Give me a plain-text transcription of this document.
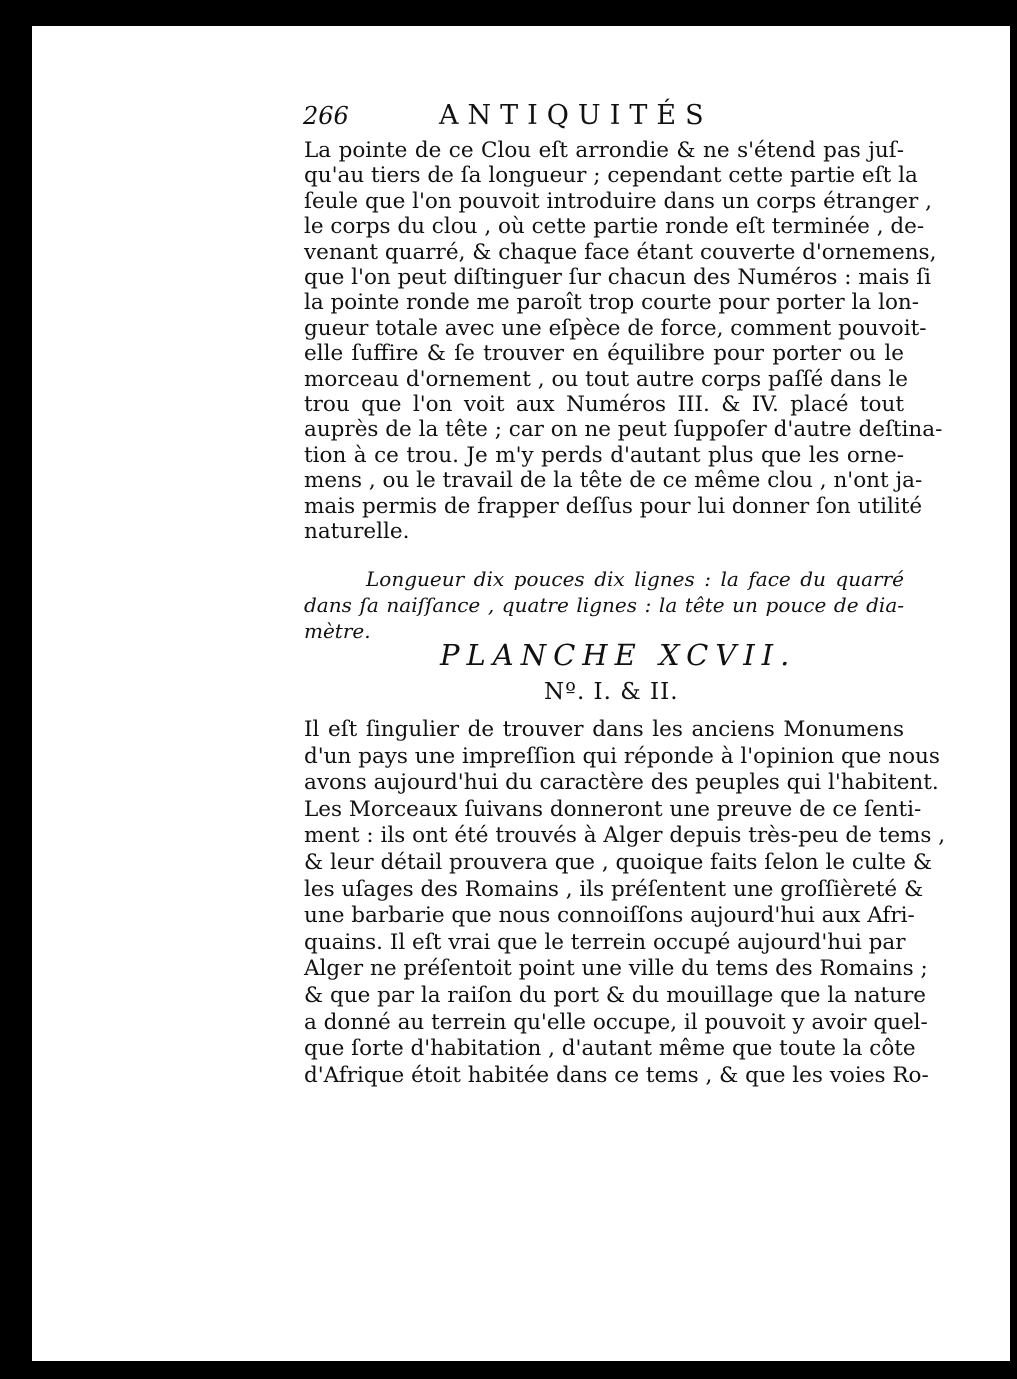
266	ANTIQUITÉS
La pointe de ce Clou eſt arrondie & ne s'étend pas juſ-
qu'au tiers de ſa longueur ; cependant cette partie eſt la
ſeule que l'on pouvoit introduire dans un corps étranger ,
le corps du clou , où cette partie ronde eſt terminée , de-
venant quarré, & chaque face étant couverte d'ornemens,
que l'on peut diſtinguer ſur chacun des Numéros : mais ſi
la pointe ronde me paroît trop courte pour porter la lon-
gueur totale avec une eſpèce de force, comment pouvoit-
elle ſuffire & ſe trouver en équilibre pour porter ou le
morceau d'ornement , ou tout autre corps paſſé dans le
trou que l'on voit aux Numéros III. & IV. placé tout
auprès de la tête ; car on ne peut ſuppoſer d'autre deſtina-
tion à ce trou. Je m'y perds d'autant plus que les orne-
mens , ou le travail de la tête de ce même clou , n'ont ja-
mais permis de frapper deſſus pour lui donner ſon utilité
naturelle.
Longueur dix pouces dix lignes : la face du quarré
dans ſa naiſſance , quatre lignes : la tête un pouce de dia-
mètre.
PLANCHE XCVII.
Nº. I. & II.
Il eſt ſingulier de trouver dans les anciens Monumens
d'un pays une impreſſion qui réponde à l'opinion que nous
avons aujourd'hui du caractère des peuples qui l'habitent.
Les Morceaux ſuivans donneront une preuve de ce ſenti-
ment : ils ont été trouvés à Alger depuis très-peu de tems ,
& leur détail prouvera que , quoique faits ſelon le culte &
les uſages des Romains , ils préſentent une groſſièreté &
une barbarie que nous connoiſſons aujourd'hui aux Afri-
quains. Il eſt vrai que le terrein occupé aujourd'hui par
Alger ne préſentoit point une ville du tems des Romains ;
& que par la raiſon du port & du mouillage que la nature
a donné au terrein qu'elle occupe, il pouvoit y avoir quel-
que ſorte d'habitation , d'autant même que toute la côte
d'Afrique étoit habitée dans ce tems , & que les voies Ro-
